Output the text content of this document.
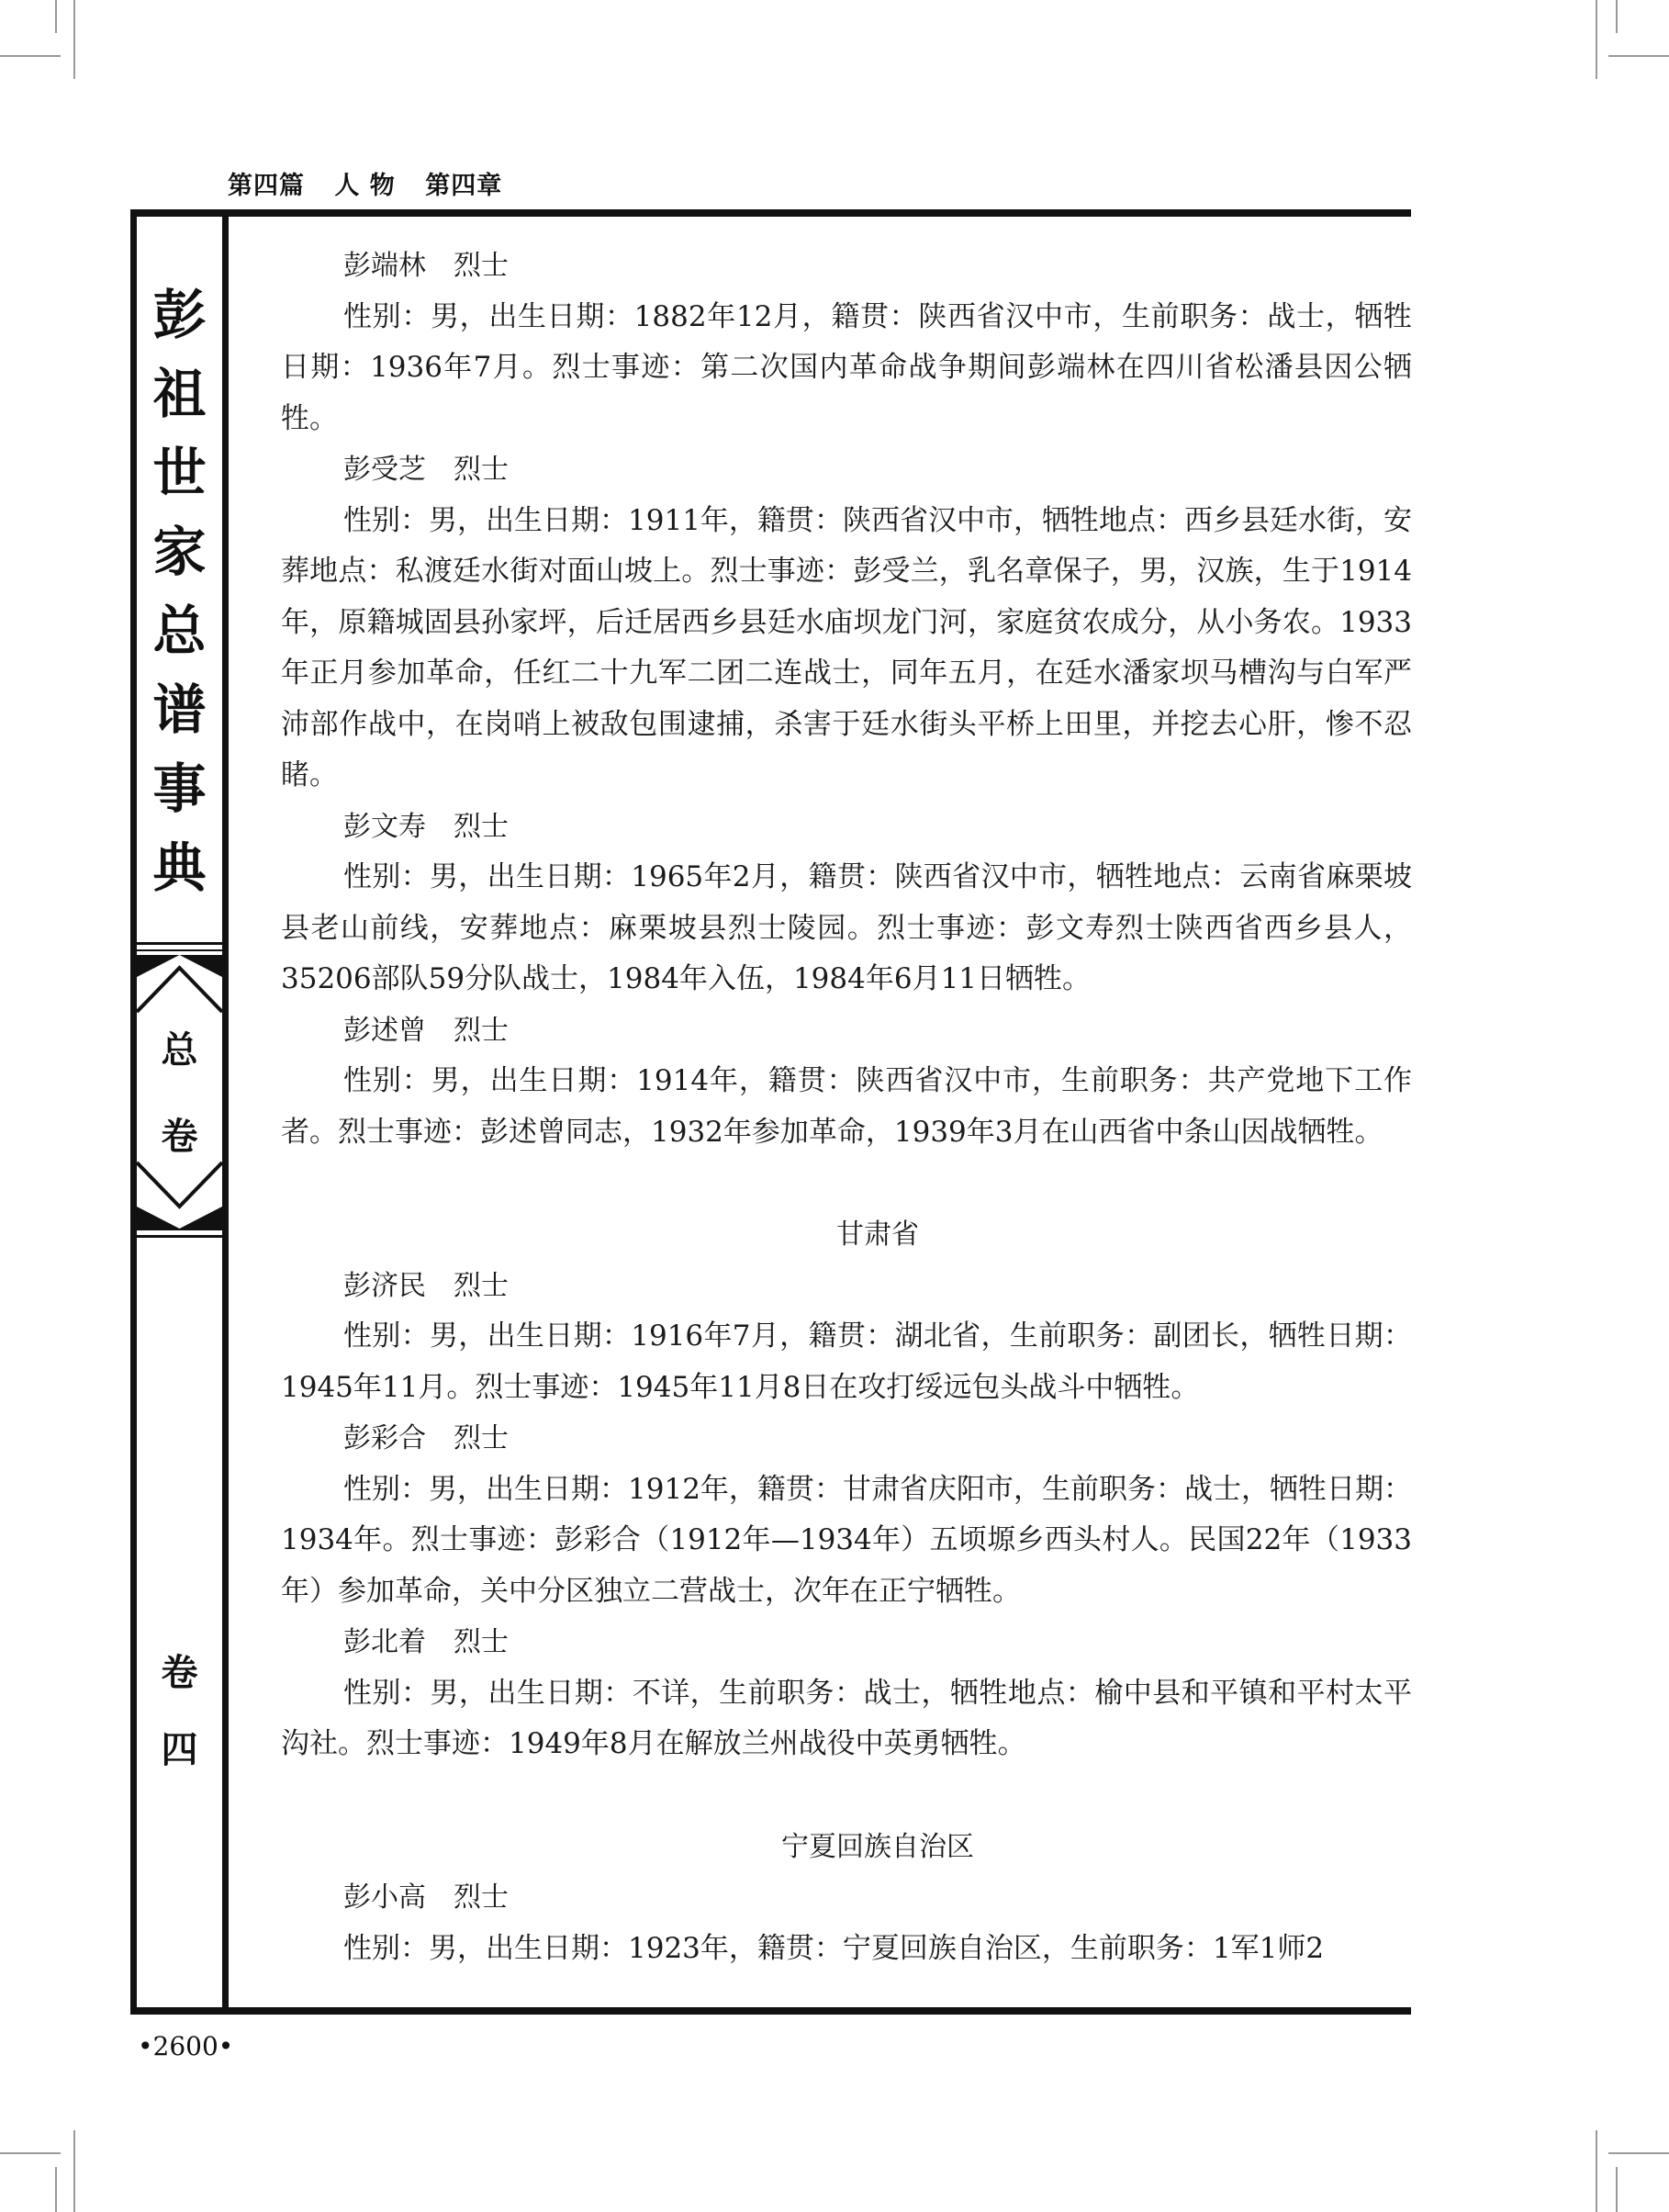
第四篇 人 物 第四章
彭
祖
世
家
总
谱
事
典
总
卷
卷
四
彭端林 烈士

性别：男，出生日期：1882年12月，籍贯：陕西省汉中市，生前职务：战士，牺牲日期：1936年7月。烈士事迹：第二次国内革命战争期间彭端林在四川省松潘县因公牺牲。

彭受芝 烈士

性别：男，出生日期：1911年，籍贯：陕西省汉中市，牺牲地点：西乡县廷水街，安葬地点：私渡廷水街对面山坡上。烈士事迹：彭受兰，乳名章保子，男，汉族，生于1914年，原籍城固县孙家坪，后迁居西乡县廷水庙坝龙门河，家庭贫农成分，从小务农。1933年正月参加革命，任红二十九军二团二连战士，同年五月，在廷水潘家坝马槽沟与白军严沛部作战中，在岗哨上被敌包围逮捕，杀害于廷水街头平桥上田里，并挖去心肝，惨不忍睹。

彭文寿 烈士

性别：男，出生日期：1965年2月，籍贯：陕西省汉中市，牺牲地点：云南省麻栗坡县老山前线，安葬地点：麻栗坡县烈士陵园。烈士事迹：彭文寿烈士陕西省西乡县人，35206部队59分队战士，1984年入伍，1984年6月11日牺牲。

彭述曾 烈士

性别：男，出生日期：1914年，籍贯：陕西省汉中市，生前职务：共产党地下工作者。烈士事迹：彭述曾同志，1932年参加革命，1939年3月在山西省中条山因战牺牲。

甘肃省
彭济民 烈士

性别：男，出生日期：1916年7月，籍贯：湖北省，生前职务：副团长，牺牲日期：1945年11月。烈士事迹：1945年11月8日在攻打绥远包头战斗中牺牲。

彭彩合 烈士

性别：男，出生日期：1912年，籍贯：甘肃省庆阳市，生前职务：战士，牺牲日期：1934年。烈士事迹：彭彩合（1912年—1934年）五顷塬乡西头村人。民国22年（1933年）参加革命，关中分区独立二营战士，次年在正宁牺牲。

彭北着 烈士

性别：男，出生日期：不详，生前职务：战士，牺牲地点：榆中县和平镇和平村太平沟社。烈士事迹：1949年8月在解放兰州战役中英勇牺牲。

宁夏回族自治区
彭小高 烈士

性别：男，出生日期：1923年，籍贯：宁夏回族自治区，生前职务：1军1师2

•2600•
